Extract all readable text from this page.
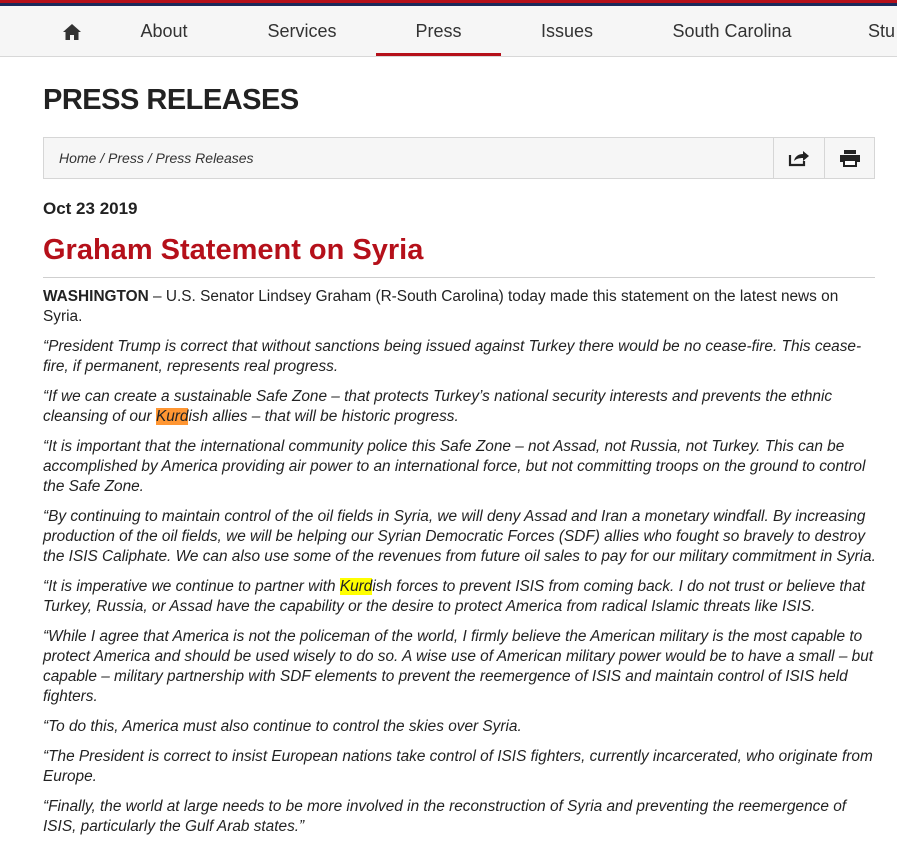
About	Services	Press	Issues	South Carolina	Stu
PRESS RELEASES
Home / Press / Press Releases
Oct 23 2019
Graham Statement on Syria

WASHINGTON – U.S. Senator Lindsey Graham (R-South Carolina) today made this statement on the latest news on Syria.

“President Trump is correct that without sanctions being issued against Turkey there would be no cease-fire. This cease-fire, if permanent, represents real progress.

“If we can create a sustainable Safe Zone – that protects Turkey’s national security interests and prevents the ethnic cleansing of our Kurdish allies – that will be historic progress.

“It is important that the international community police this Safe Zone – not Assad, not Russia, not Turkey. This can be accomplished by America providing air power to an international force, but not committing troops on the ground to control the Safe Zone.

“By continuing to maintain control of the oil fields in Syria, we will deny Assad and Iran a monetary windfall. By increasing production of the oil fields, we will be helping our Syrian Democratic Forces (SDF) allies who fought so bravely to destroy the ISIS Caliphate. We can also use some of the revenues from future oil sales to pay for our military commitment in Syria.

“It is imperative we continue to partner with Kurdish forces to prevent ISIS from coming back. I do not trust or believe that Turkey, Russia, or Assad have the capability or the desire to protect America from radical Islamic threats like ISIS.

“While I agree that America is not the policeman of the world, I firmly believe the American military is the most capable to protect America and should be used wisely to do so. A wise use of American military power would be to have a small – but capable – military partnership with SDF elements to prevent the reemergence of ISIS and maintain control of ISIS held fighters.

“To do this, America must also continue to control the skies over Syria.

“The President is correct to insist European nations take control of ISIS fighters, currently incarcerated, who originate from Europe.

“Finally, the world at large needs to be more involved in the reconstruction of Syria and preventing the reemergence of ISIS, particularly the Gulf Arab states.”
